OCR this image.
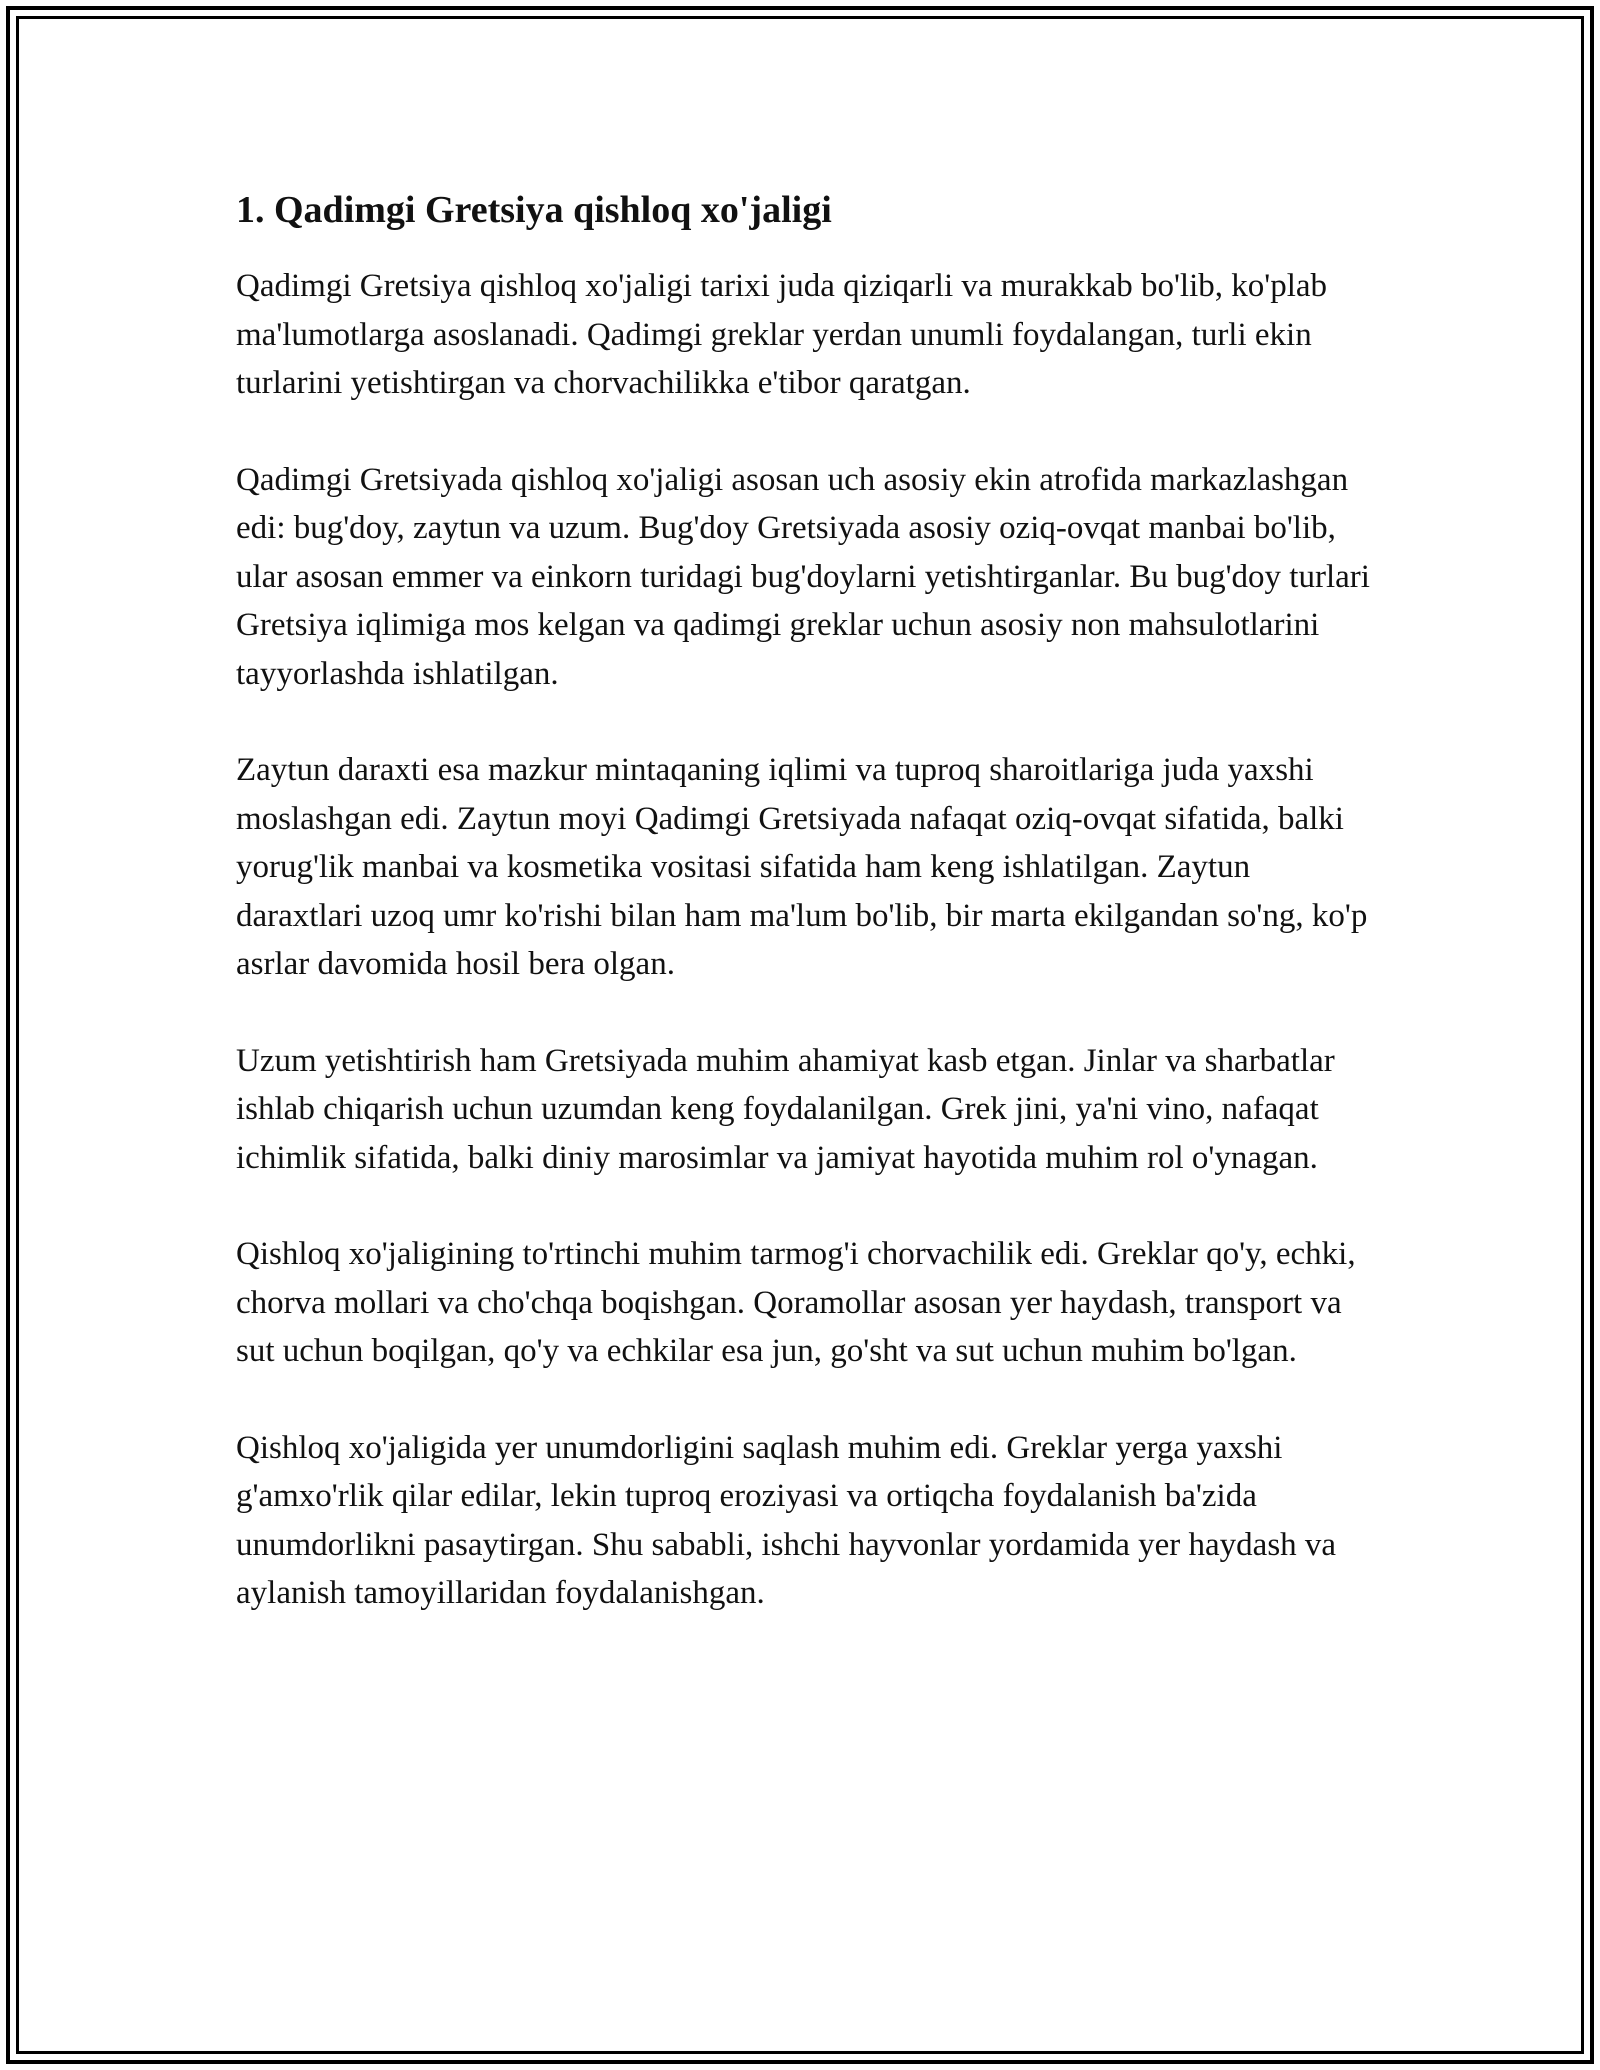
1. Qadimgi Gretsiya qishloq xo'jaligi

Qadimgi Gretsiya qishloq xo'jaligi tarixi juda qiziqarli va murakkab bo'lib, ko'plab ma'lumotlarga asoslanadi. Qadimgi greklar yerdan unumli foydalangan, turli ekin turlarini yetishtirgan va chorvachilikka e'tibor qaratgan.

Qadimgi Gretsiyada qishloq xo'jaligi asosan uch asosiy ekin atrofida markazlashgan edi: bug'doy, zaytun va uzum. Bug'doy Gretsiyada asosiy oziq-ovqat manbai bo'lib, ular asosan emmer va einkorn turidagi bug'doylarni yetishtirganlar. Bu bug'doy turlari Gretsiya iqlimiga mos kelgan va qadimgi greklar uchun asosiy non mahsulotlarini tayyorlashda ishlatilgan.

Zaytun daraxti esa mazkur mintaqaning iqlimi va tuproq sharoitlariga juda yaxshi moslashgan edi. Zaytun moyi Qadimgi Gretsiyada nafaqat oziq-ovqat sifatida, balki yorug'lik manbai va kosmetika vositasi sifatida ham keng ishlatilgan. Zaytun daraxtlari uzoq umr ko'rishi bilan ham ma'lum bo'lib, bir marta ekilgandan so'ng, ko'p asrlar davomida hosil bera olgan.

Uzum yetishtirish ham Gretsiyada muhim ahamiyat kasb etgan. Jinlar va sharbatlar ishlab chiqarish uchun uzumdan keng foydalanilgan. Grek jini, ya'ni vino, nafaqat ichimlik sifatida, balki diniy marosimlar va jamiyat hayotida muhim rol o'ynagan.

Qishloq xo'jaligining to'rtinchi muhim tarmog'i chorvachilik edi. Greklar qo'y, echki, chorva mollari va cho'chqa boqishgan. Qoramollar asosan yer haydash, transport va sut uchun boqilgan, qo'y va echkilar esa jun, go'sht va sut uchun muhim bo'lgan.

Qishloq xo'jaligida yer unumdorligini saqlash muhim edi. Greklar yerga yaxshi g'amxo'rlik qilar edilar, lekin tuproq eroziyasi va ortiqcha foydalanish ba'zida unumdorlikni pasaytirgan. Shu sababli, ishchi hayvonlar yordamida yer haydash va aylanish tamoyillaridan foydalanishgan.
